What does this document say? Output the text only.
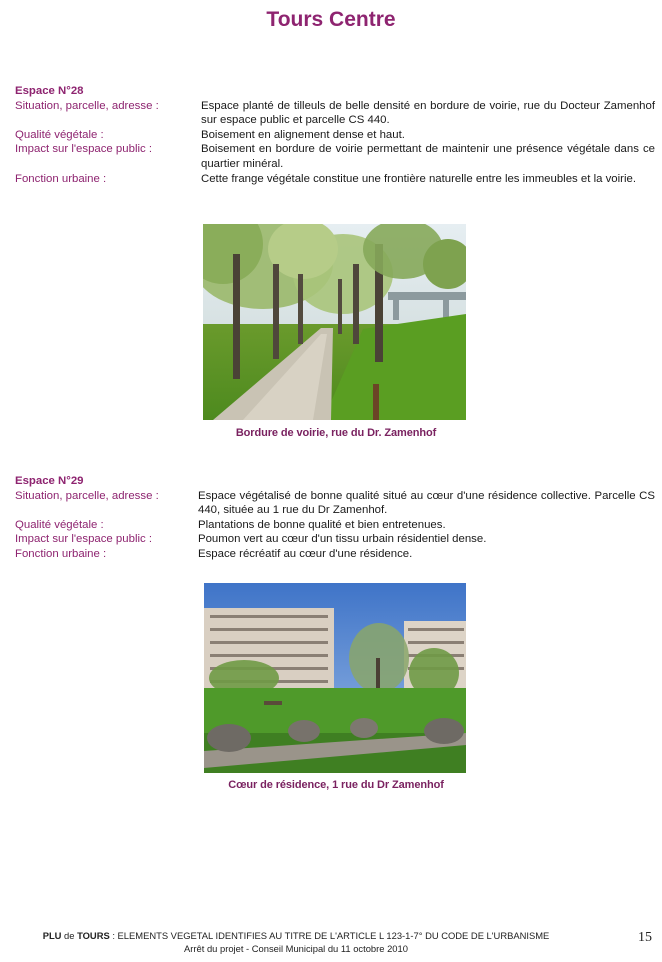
Tours Centre
Espace N°28
Situation, parcelle, adresse :	Espace planté de tilleuls de belle densité en bordure de voirie, rue du Docteur Zamenhof sur espace public et parcelle CS 440.
Qualité végétale :	Boisement en alignement dense et haut.
Impact sur l'espace public :	Boisement en bordure de voirie permettant de maintenir une présence végétale dans ce quartier minéral.
Fonction urbaine :	Cette frange végétale constitue une frontière naturelle entre les immeubles et la voirie.
Bordure de voirie, rue du Dr. Zamenhof
Espace N°29
Situation, parcelle, adresse :	Espace végétalisé de bonne qualité situé au cœur d'une résidence collective. Parcelle CS 440, située au 1 rue du Dr Zamenhof.
Qualité végétale :	Plantations de bonne qualité et bien entretenues.
Impact sur l'espace public :	Poumon vert au cœur d'un tissu urbain résidentiel dense.
Fonction urbaine :	Espace récréatif au cœur d'une résidence.
Cœur de résidence, 1 rue du Dr Zamenhof
PLU de TOURS : ELEMENTS VEGETAL IDENTIFIES AU TITRE DE L'ARTICLE L 123-1-7° DU CODE DE L'URBANISME
Arrêt du projet - Conseil Municipal du 11 octobre 2010
15
